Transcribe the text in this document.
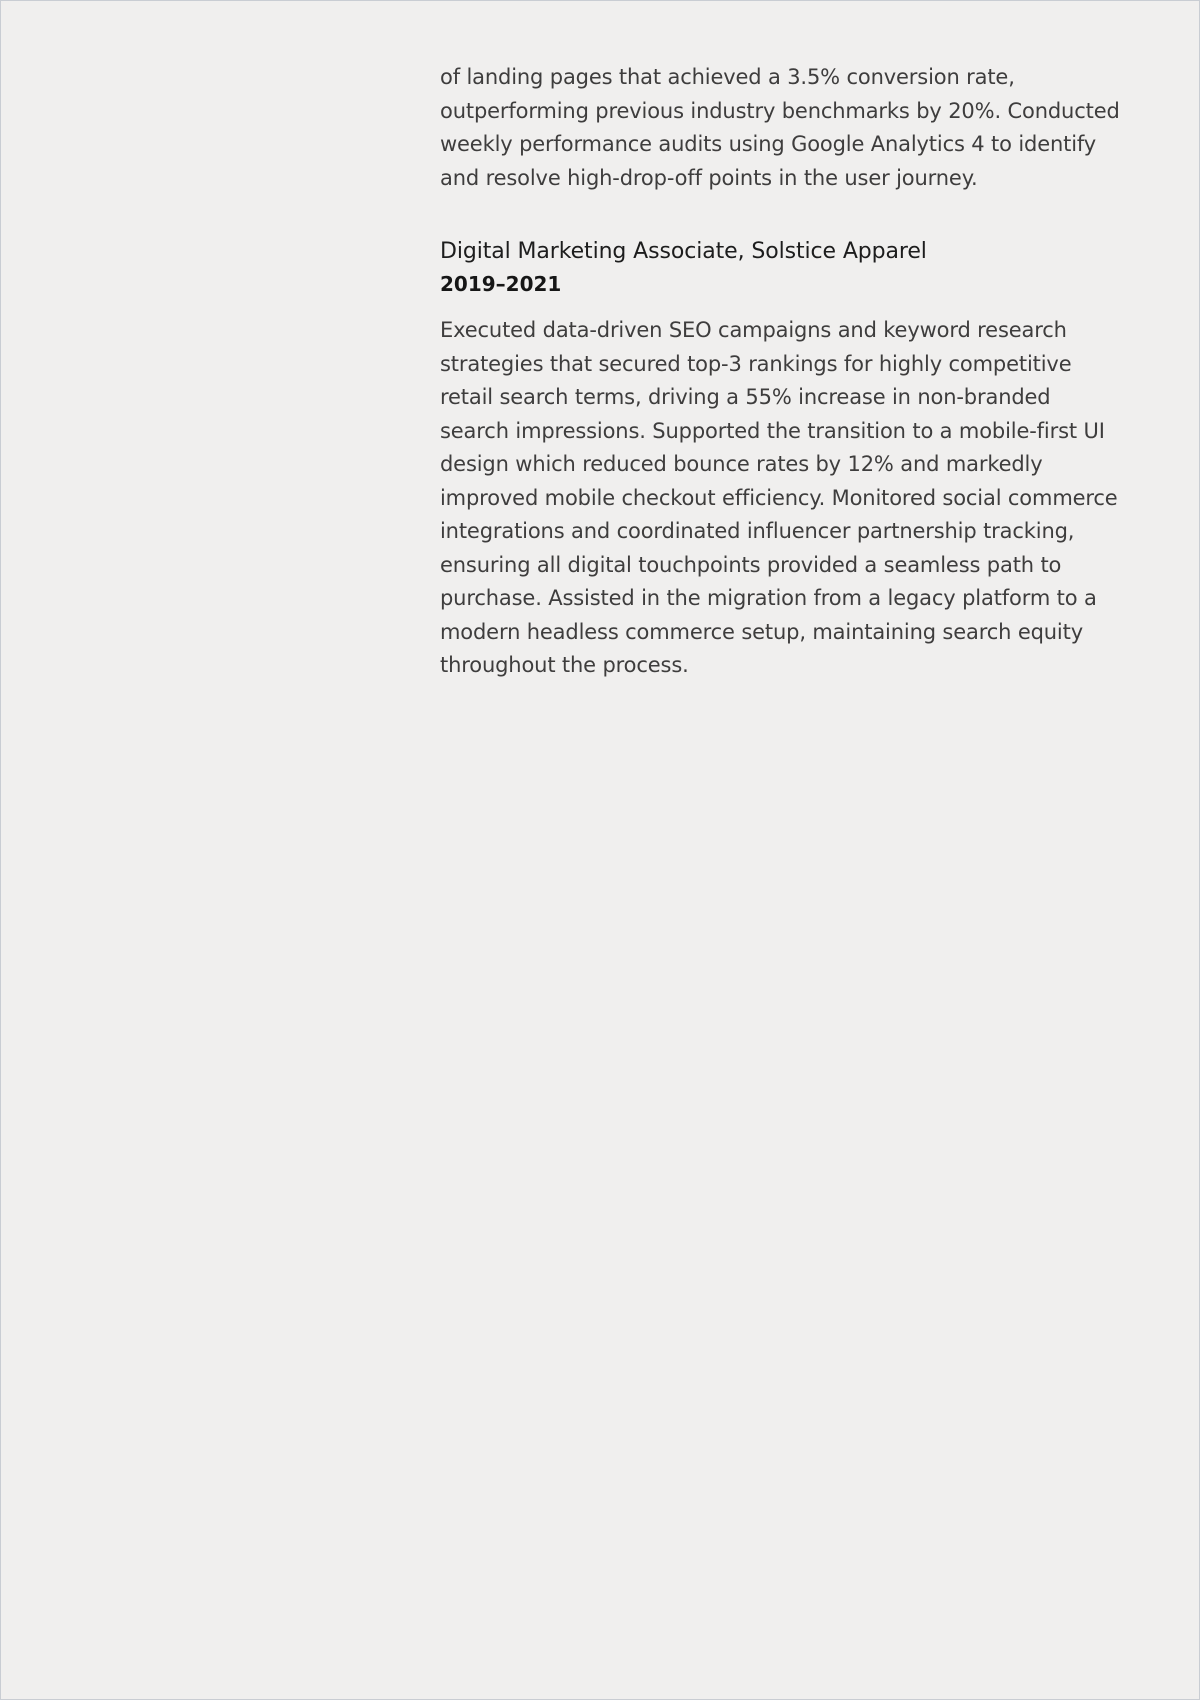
of landing pages that achieved a 3.5% conversion rate, outperforming previous industry benchmarks by 20%. Conducted weekly performance audits using Google Analytics 4 to identify and resolve high-drop-off points in the user journey.

Digital Marketing Associate, Solstice Apparel
2019–2021

Executed data-driven SEO campaigns and keyword research strategies that secured top-3 rankings for highly competitive retail search terms, driving a 55% increase in non-branded search impressions. Supported the transition to a mobile-first UI design which reduced bounce rates by 12% and markedly improved mobile checkout efficiency. Monitored social commerce integrations and coordinated influencer partnership tracking, ensuring all digital touchpoints provided a seamless path to purchase. Assisted in the migration from a legacy platform to a modern headless commerce setup, maintaining search equity throughout the process.
